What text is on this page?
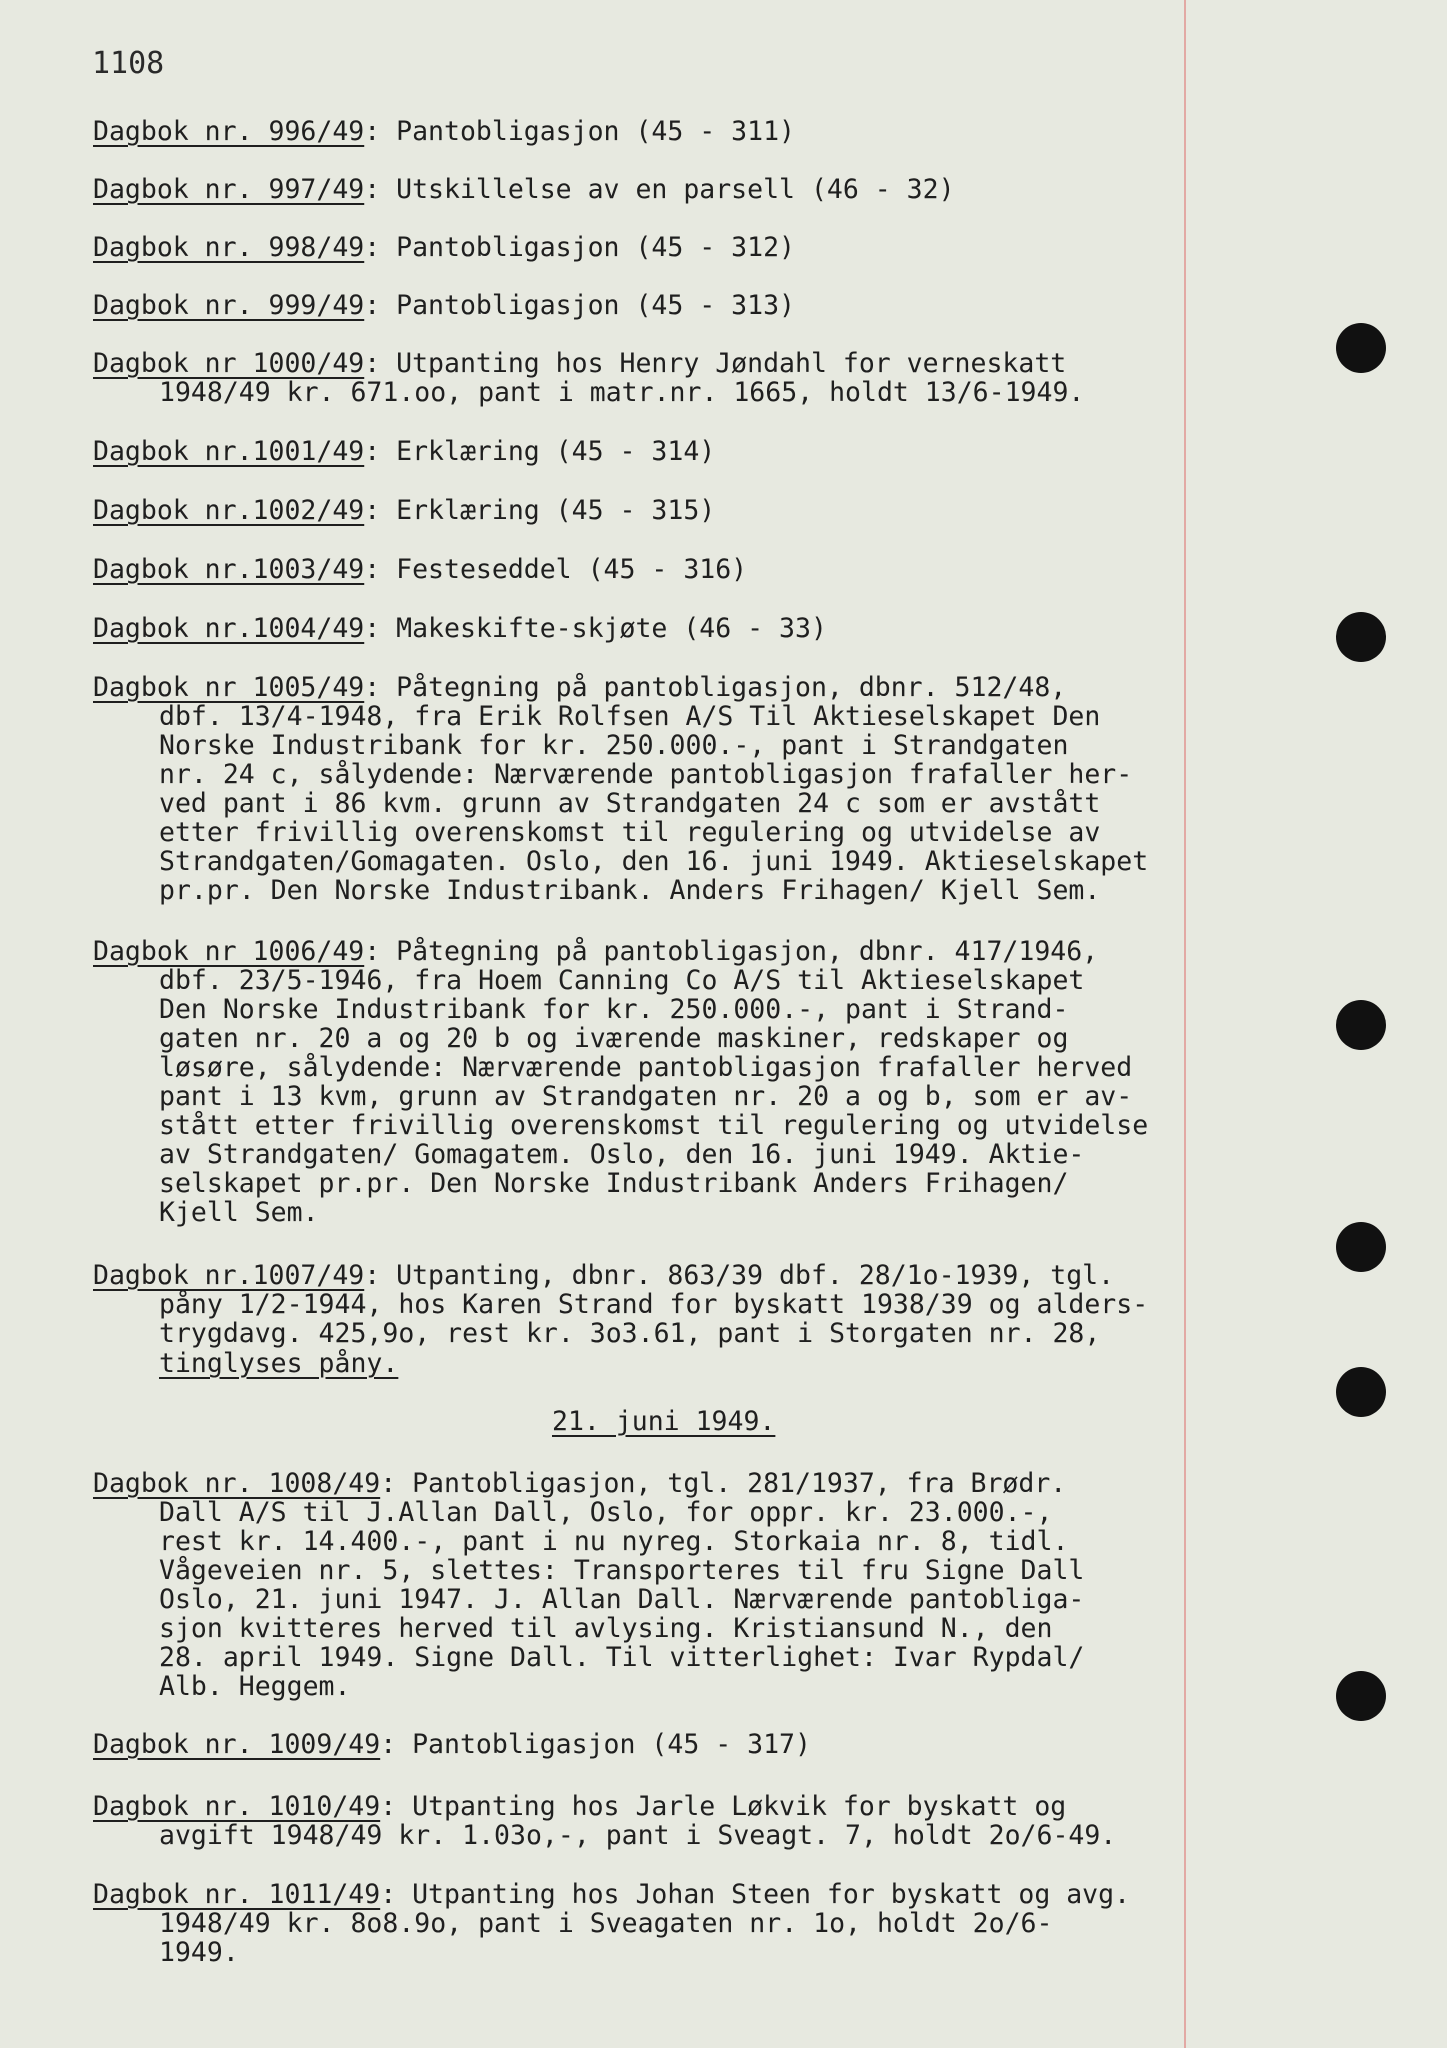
1108
21. juni 1949.
Dagbok nr. 996/49: Pantobligasjon (45 - 311)
Dagbok nr. 997/49: Utskillelse av en parsell (46 - 32)
Dagbok nr. 998/49: Pantobligasjon (45 - 312)
Dagbok nr. 999/49: Pantobligasjon (45 - 313)
Dagbok nr 1000/49: Utpanting hos Henry Jøndahl for verneskatt
1948/49 kr. 671.oo, pant i matr.nr. 1665, holdt 13/6-1949.
Dagbok nr.1001/49: Erklæring (45 - 314)
Dagbok nr.1002/49: Erklæring (45 - 315)
Dagbok nr.1003/49: Festeseddel (45 - 316)
Dagbok nr.1004/49: Makeskifte-skjøte (46 - 33)
Dagbok nr 1005/49: Påtegning på pantobligasjon, dbnr. 512/48,
dbf. 13/4-1948, fra Erik Rolfsen A/S Til Aktieselskapet Den
Norske Industribank for kr. 250.000.-, pant i Strandgaten
nr. 24 c, sålydende: Nærværende pantobligasjon frafaller her-
ved pant i 86 kvm. grunn av Strandgaten 24 c som er avstått
etter frivillig overenskomst til regulering og utvidelse av
Strandgaten/Gomagaten. Oslo, den 16. juni 1949. Aktieselskapet
pr.pr. Den Norske Industribank. Anders Frihagen/ Kjell Sem.
Dagbok nr 1006/49: Påtegning på pantobligasjon, dbnr. 417/1946,
dbf. 23/5-1946, fra Hoem Canning Co A/S til Aktieselskapet
Den Norske Industribank for kr. 250.000.-, pant i Strand-
gaten nr. 20 a og 20 b og iværende maskiner, redskaper og
løsøre, sålydende: Nærværende pantobligasjon frafaller herved
pant i 13 kvm, grunn av Strandgaten nr. 20 a og b, som er av-
stått etter frivillig overenskomst til regulering og utvidelse
av Strandgaten/ Gomagatem. Oslo, den 16. juni 1949. Aktie-
selskapet pr.pr. Den Norske Industribank Anders Frihagen/
Kjell Sem.
Dagbok nr.1007/49: Utpanting, dbnr. 863/39 dbf. 28/1o-1939, tgl.
pånу 1/2-1944, hos Karen Strand for byskatt 1938/39 og alders-
trygdavg. 425,9o, rest kr. 3o3.61, pant i Storgaten nr. 28,
tinglyses pånу.
Dagbok nr. 1008/49: Pantobligasjon, tgl. 281/1937, fra Brødr.
Dall A/S til J.Allan Dall, Oslo, for oppr. kr. 23.000.-,
rest kr. 14.400.-, pant i nu nyreg. Storkaia nr. 8, tidl.
Vågeveien nr. 5, slettes: Transporteres til fru Signe Dall
Oslo, 21. juni 1947. J. Allan Dall. Nærværende pantobliga-
sjon kvitteres herved til avlysing. Kristiansund N., den
28. april 1949. Signe Dall. Til vitterlighet: Ivar Rypdal/
Alb. Heggem.
Dagbok nr. 1009/49: Pantobligasjon (45 - 317)
Dagbok nr. 1010/49: Utpanting hos Jarle Løkvik for byskatt og
avgift 1948/49 kr. 1.03o,-, pant i Sveagt. 7, holdt 2o/6-49.
Dagbok nr. 1011/49: Utpanting hos Johan Steen for byskatt og avg.
1948/49 kr. 8o8.9o, pant i Sveagaten nr. 1o, holdt 2o/6-
1949.
